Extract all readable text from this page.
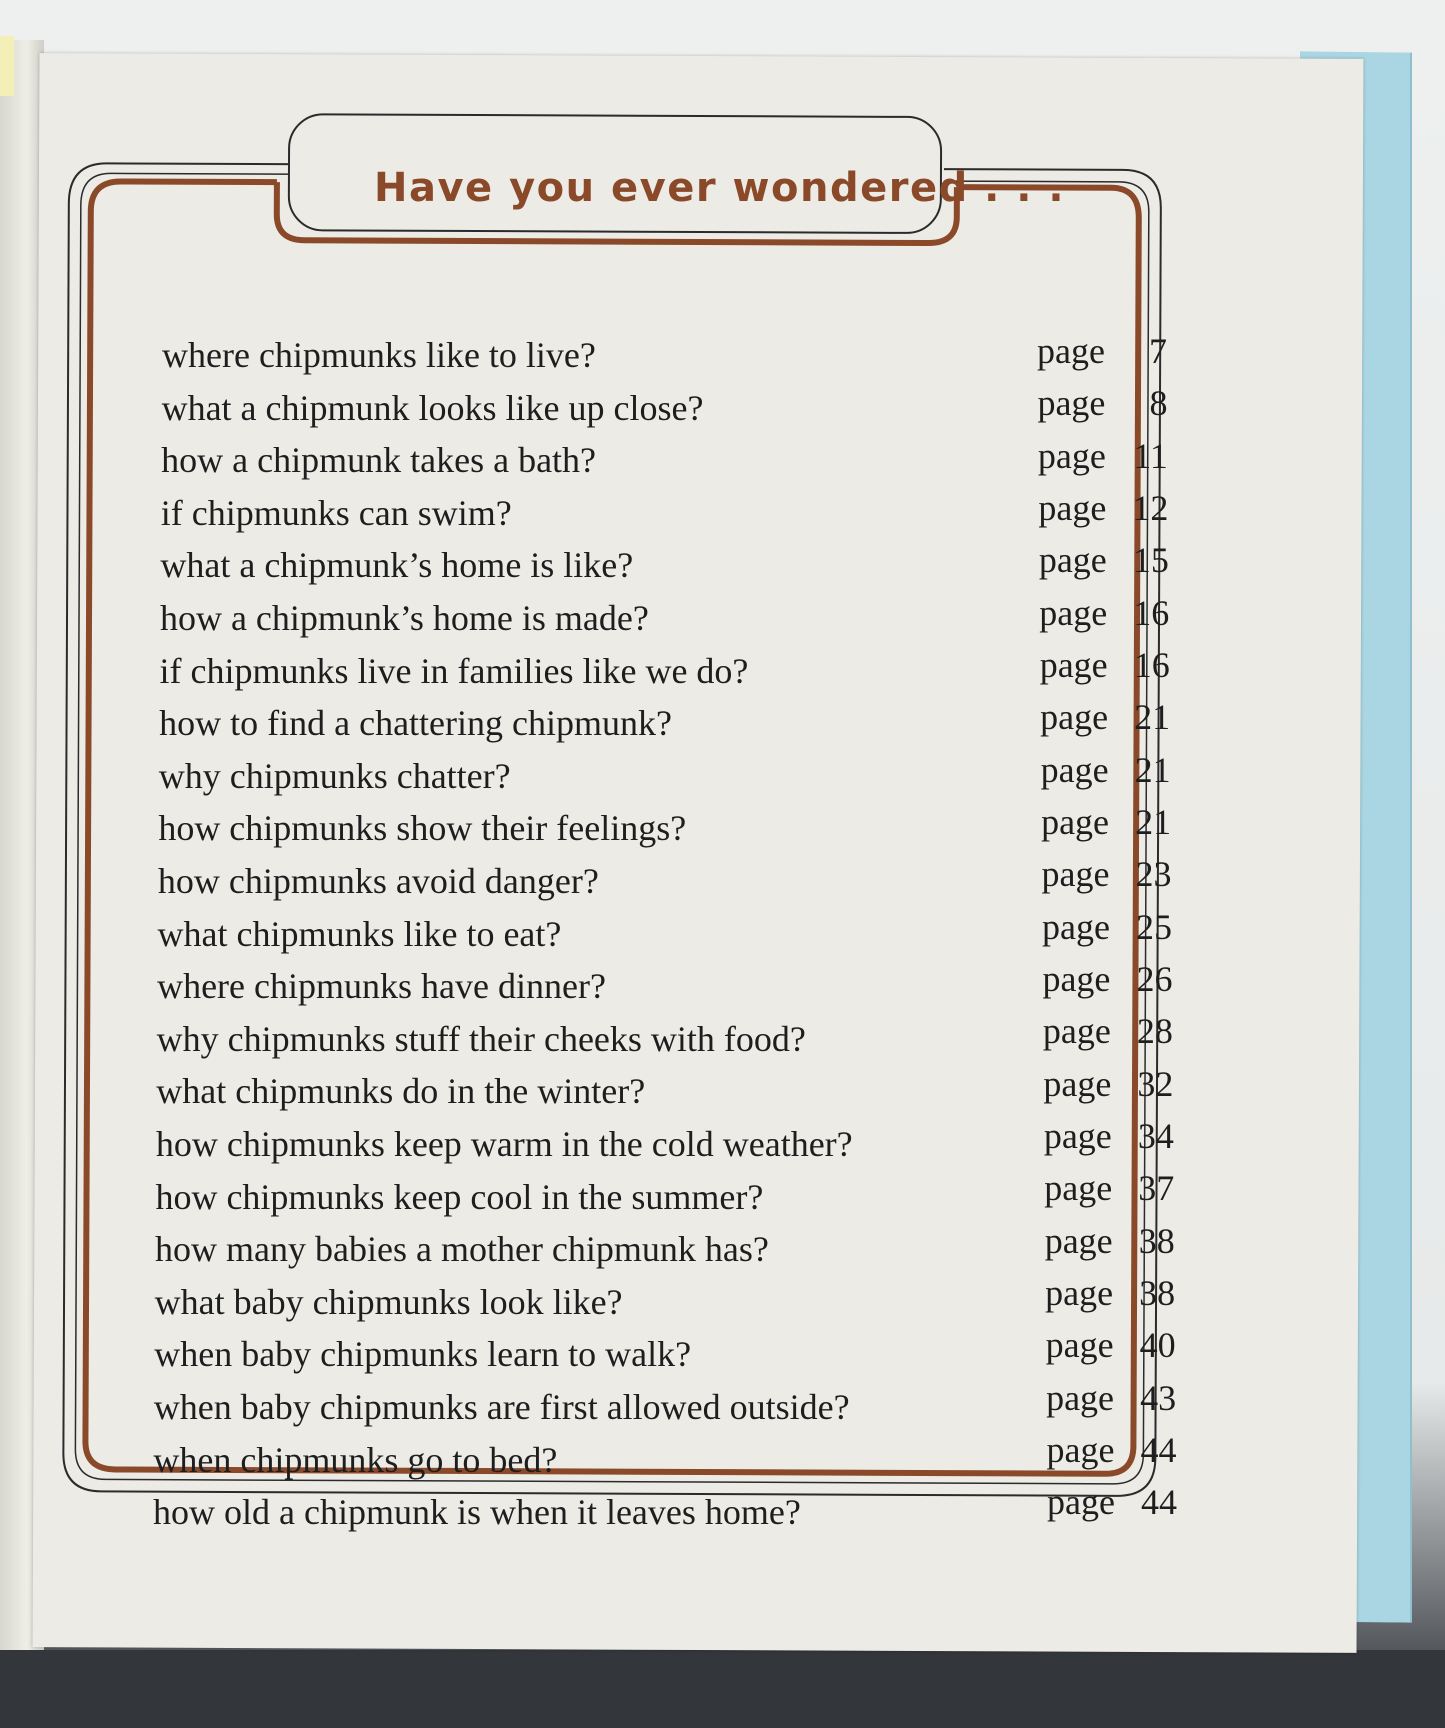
Have you ever wondered . . .
where chipmunks like to live?	page 7
what a chipmunk looks like up close?	page 8
how a chipmunk takes a bath?	page 11
if chipmunks can swim?	page 12
what a chipmunk’s home is like?	page 15
how a chipmunk’s home is made?	page 16
if chipmunks live in families like we do?	page 16
how to find a chattering chipmunk?	page 21
why chipmunks chatter?	page 21
how chipmunks show their feelings?	page 21
how chipmunks avoid danger?	page 23
what chipmunks like to eat?	page 25
where chipmunks have dinner?	page 26
why chipmunks stuff their cheeks with food?	page 28
what chipmunks do in the winter?	page 32
how chipmunks keep warm in the cold weather?	page 34
how chipmunks keep cool in the summer?	page 37
how many babies a mother chipmunk has?	page 38
what baby chipmunks look like?	page 38
when baby chipmunks learn to walk?	page 40
when baby chipmunks are first allowed outside?	page 43
when chipmunks go to bed?	page 44
how old a chipmunk is when it leaves home?	page 44
